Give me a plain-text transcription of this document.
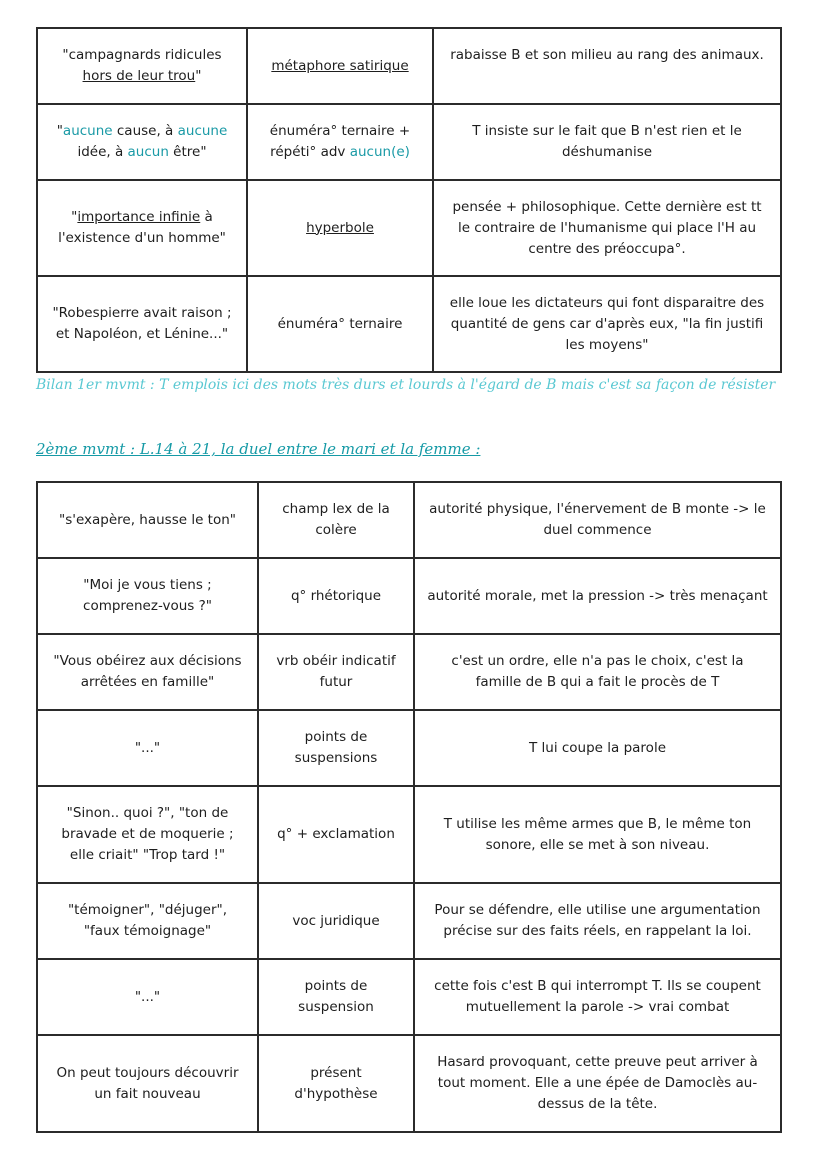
"campagnards ridicules
hors de leur trou"	métaphore satirique	rabaisse B et son milieu au rang des animaux.
"aucune cause, à aucune idée, à aucun être"	énuméra° ternaire + répéti° adv aucun(e)	T insiste sur le fait que B n'est rien et le déshumanise
"importance infinie à l'existence d'un homme"	hyperbole	pensée + philosophique. Cette dernière est tt le contraire de l'humanisme qui place l'H au centre des préoccupa°.
"Robespierre avait raison ; et Napoléon, et Lénine..."	énuméra° ternaire	elle loue les dictateurs qui font disparaitre des quantité de gens car d'après eux, "la fin justifi les moyens"
Bilan 1er mvmt : T emplois ici des mots très durs et lourds à l'égard de B mais c'est sa façon de résister
2ème mvmt : L.14 à 21, la duel entre le mari et la femme :
"s'exapère, hausse le ton"	champ lex de la colère	autorité physique, l'énervement de B monte -> le duel commence
"Moi je vous tiens ; comprenez-vous ?"	q° rhétorique	autorité morale, met la pression -> très menaçant
"Vous obéirez aux décisions arrêtées en famille"	vrb obéir indicatif futur	c'est un ordre, elle n'a pas le choix, c'est la famille de B qui a fait le procès de T
"..."	points de suspensions	T lui coupe la parole
"Sinon.. quoi ?", "ton de bravade et de moquerie ; elle criait" "Trop tard !"	q° + exclamation	T utilise les même armes que B, le même ton sonore, elle se met à son niveau.
"témoigner", "déjuger", "faux témoignage"	voc juridique	Pour se défendre, elle utilise une argumentation précise sur des faits réels, en rappelant la loi.
"..."	points de suspension	cette fois c'est B qui interrompt T. Ils se coupent mutuellement la parole -> vrai combat
On peut toujours découvrir un fait nouveau	présent d'hypothèse	Hasard provoquant, cette preuve peut arriver à tout moment. Elle a une épée de Damoclès au-dessus de la tête.
